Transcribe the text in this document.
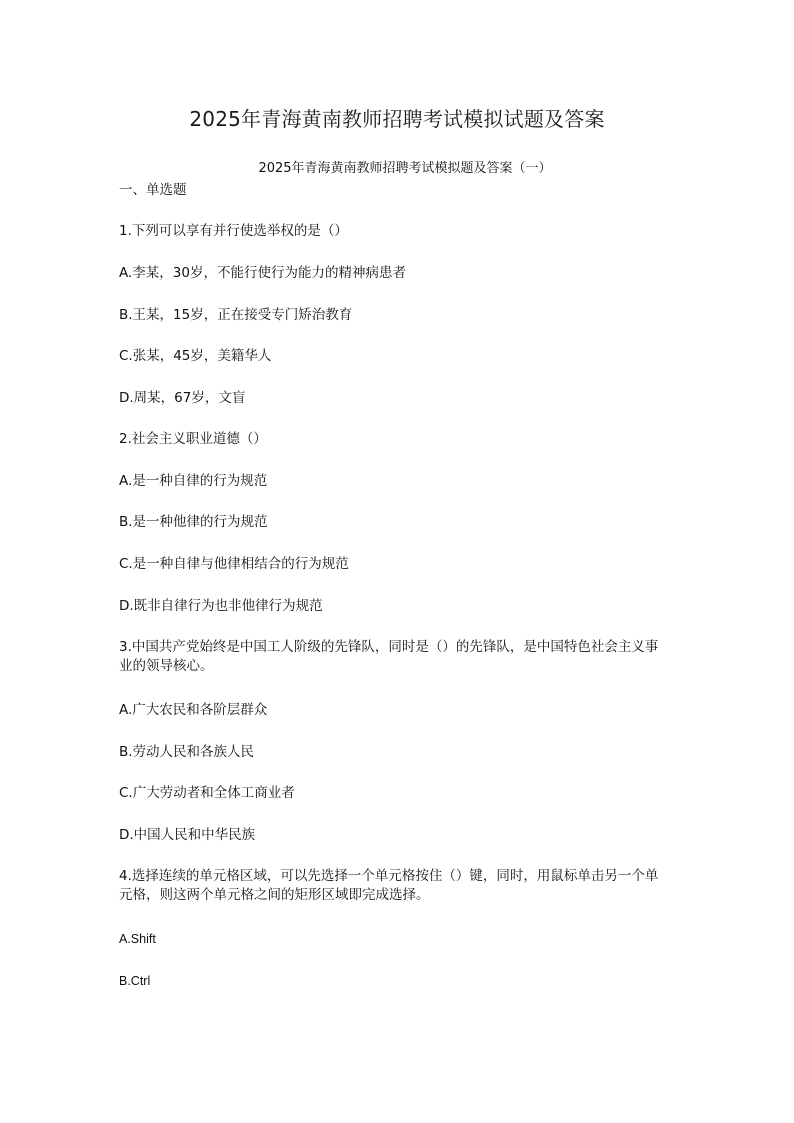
2025年青海黄南教师招聘考试模拟试题及答案
2025年青海黄南教师招聘考试模拟题及答案（一）
一、单选题
1.下列可以享有并行使选举权的是（）
A.李某，30岁，不能行使行为能力的精神病患者
B.王某，15岁，正在接受专门矫治教育
C.张某，45岁，美籍华人
D.周某，67岁，文盲
2.社会主义职业道德（）
A.是一种自律的行为规范
B.是一种他律的行为规范
C.是一种自律与他律相结合的行为规范
D.既非自律行为也非他律行为规范
3.中国共产党始终是中国工人阶级的先锋队，同时是（）的先锋队，是中国特色社会主义事业的领导核心。
A.广大农民和各阶层群众
B.劳动人民和各族人民
C.广大劳动者和全体工商业者
D.中国人民和中华民族
4.选择连续的单元格区域，可以先选择一个单元格按住（）键，同时，用鼠标单击另一个单元格，则这两个单元格之间的矩形区域即完成选择。
A.Shift
B.Ctrl
